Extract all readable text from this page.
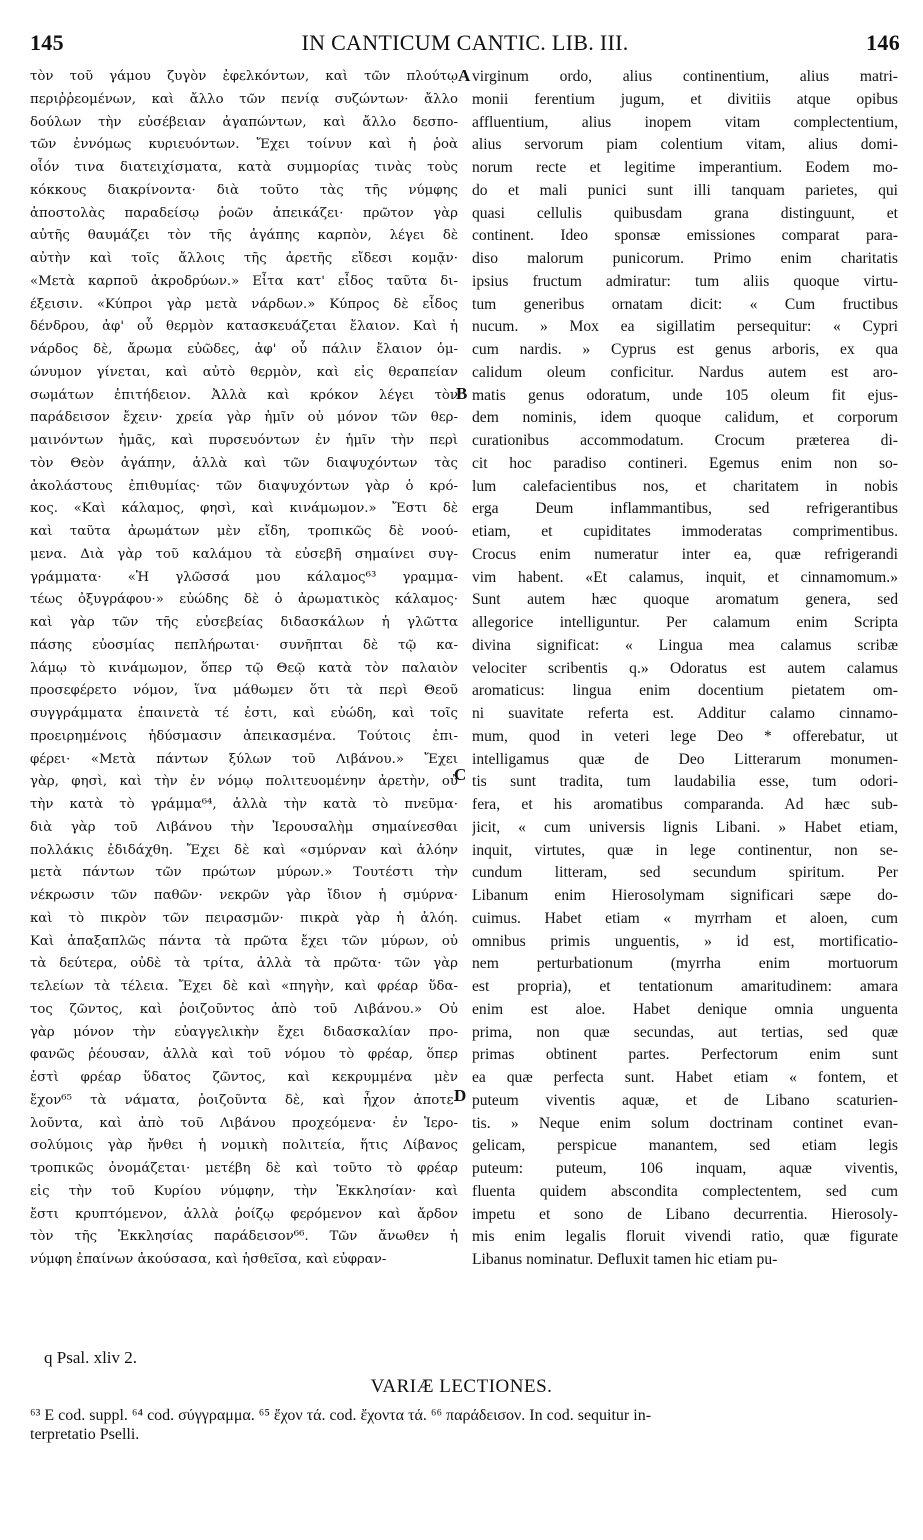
145	IN CANTICUM CANTIC. LIB. III.	146
τὸν τοῦ γάμου ζυγὸν ἐφελκόντων, καὶ τῶν πλούτῳ
περιῤῥεομένων, καὶ ἄλλο τῶν πενίᾳ συζώντων· ἄλλο
δούλων τὴν εὐσέβειαν ἀγαπώντων, καὶ ἄλλο δεσπο-
τῶν ἐννόμως κυριευόντων. Ἔχει τοίνυν καὶ ἡ ῥοὰ
οἷόν τινα διατειχίσματα, κατὰ συμμορίας τινὰς τοὺς
κόκκους διακρίνοντα· διὰ τοῦτο τὰς τῆς νύμφης
ἀποστολὰς παραδείσῳ ῥοῶν ἀπεικάζει· πρῶτον γὰρ
αὐτῆς θαυμάζει τὸν τῆς ἀγάπης καρπὸν, λέγει δὲ
αὐτὴν καὶ τοῖς ἄλλοις τῆς ἀρετῆς εἴδεσι κομᾷν·
«Μετὰ καρποῦ ἀκροδρύων.» Εἶτα κατ' εἶδος ταῦτα δι-
έξεισιν. «Κύπροι γὰρ μετὰ νάρδων.» Κύπρος δὲ εἶδος
δένδρου, ἀφ' οὗ θερμὸν κατασκευάζεται ἔλαιον. Καὶ ἡ
νάρδος δὲ, ἄρωμα εὐῶδες, ἀφ' οὗ πάλιν ἔλαιον ὁμ-
ώνυμον γίνεται, καὶ αὐτὸ θερμὸν, καὶ εἰς θεραπείαν
σωμάτων ἐπιτήδειον. Ἀλλὰ καὶ κρόκον λέγει τὸν
παράδεισον ἔχειν· χρεία γὰρ ἡμῖν οὐ μόνον τῶν θερ-
μαινόντων ἡμᾶς, καὶ πυρσευόντων ἐν ἡμῖν τὴν περὶ
τὸν Θεὸν ἀγάπην, ἀλλὰ καὶ τῶν διαψυχόντων τὰς
ἀκολάστους ἐπιθυμίας· τῶν διαψυχόντων γὰρ ὁ κρό-
κος. «Καὶ κάλαμος, φησὶ, καὶ κινάμωμον.» Ἔστι δὲ
καὶ ταῦτα ἀρωμάτων μὲν εἴδη, τροπικῶς δὲ νοού-
μενα. Διὰ γὰρ τοῦ καλάμου τὰ εὐσεβῆ σημαίνει συγ-
γράμματα· «Ἡ γλῶσσά μου κάλαμος⁶³ γραμμα-
τέως ὀξυγράφου·» εὐώδης δὲ ὁ ἀρωματικὸς κάλαμος·
καὶ γὰρ τῶν τῆς εὐσεβείας διδασκάλων ἡ γλῶττα
πάσης εὐοσμίας πεπλήρωται· συνῆπται δὲ τῷ κα-
λάμῳ τὸ κινάμωμον, ὅπερ τῷ Θεῷ κατὰ τὸν παλαιὸν
προσεφέρετο νόμον, ἵνα μάθωμεν ὅτι τὰ περὶ Θεοῦ
συγγράμματα ἐπαινετὰ τέ ἐστι, καὶ εὐώδη, καὶ τοῖς
προειρημένοις ἡδύσμασιν ἀπεικασμένα. Τούτοις ἐπι-
φέρει· «Μετὰ πάντων ξύλων τοῦ Λιβάνου.» Ἔχει
γὰρ, φησὶ, καὶ τὴν ἐν νόμῳ πολιτευομένην ἀρετὴν, οὐ
τὴν κατὰ τὸ γράμμα⁶⁴, ἀλλὰ τὴν κατὰ τὸ πνεῦμα·
διὰ γὰρ τοῦ Λιβάνου τὴν Ἱερουσαλὴμ σημαίνεσθαι
πολλάκις ἐδιδάχθη. Ἔχει δὲ καὶ «σμύρναν καὶ ἀλόην
μετὰ πάντων τῶν πρώτων μύρων.» Τουτέστι τὴν
νέκρωσιν τῶν παθῶν· νεκρῶν γὰρ ἴδιον ἡ σμύρνα·
καὶ τὸ πικρὸν τῶν πειρασμῶν· πικρὰ γὰρ ἡ ἀλόη.
Καὶ ἁπαξαπλῶς πάντα τὰ πρῶτα ἔχει τῶν μύρων, οὐ
τὰ δεύτερα, οὐδὲ τὰ τρίτα, ἀλλὰ τὰ πρῶτα· τῶν γὰρ
τελείων τὰ τέλεια. Ἔχει δὲ καὶ «πηγὴν, καὶ φρέαρ ὕδα-
τος ζῶντος, καὶ ῥοιζοῦντος ἀπὸ τοῦ Λιβάνου.» Οὐ
γὰρ μόνον τὴν εὐαγγελικὴν ἔχει διδασκαλίαν προ-
φανῶς ῥέουσαν, ἀλλὰ καὶ τοῦ νόμου τὸ φρέαρ, ὅπερ
ἐστὶ φρέαρ ὕδατος ζῶντος, καὶ κεκρυμμένα μὲν
ἔχον⁶⁵ τὰ νάματα, ῥοιζοῦντα δὲ, καὶ ἦχον ἀποτε-
λοῦντα, καὶ ἀπὸ τοῦ Λιβάνου προχεόμενα· ἐν Ἱερο-
σολύμοις γὰρ ἤνθει ἡ νομικὴ πολιτεία, ἥτις Λίβανος
τροπικῶς ὀνομάζεται· μετέβη δὲ καὶ τοῦτο τὸ φρέαρ
εἰς τὴν τοῦ Κυρίου νύμφην, τὴν Ἐκκλησίαν· καὶ
ἔστι κρυπτόμενον, ἀλλὰ ῥοίζῳ φερόμενον καὶ ἄρδον
τὸν τῆς Ἐκκλησίας παράδεισον⁶⁶. Τῶν ἄνωθεν ἡ
νύμφη ἐπαίνων ἀκούσασα, καὶ ἡσθεῖσα, καὶ εὐφραν-
virginum ordo, alius continentium, alius matri-
monii ferentium jugum, et divitiis atque opibus
affluentium, alius inopem vitam complectentium,
alius servorum piam colentium vitam, alius domi-
norum recte et legitime imperantium. Eodem mo-
do et mali punici sunt illi tanquam parietes, qui
quasi cellulis quibusdam grana distinguunt, et
continent. Ideo sponsæ emissiones comparat para-
diso malorum punicorum. Primo enim charitatis
ipsius fructum admiratur: tum aliis quoque virtu-
tum generibus ornatam dicit: « Cum fructibus
nucum. » Mox ea sigillatim persequitur: « Cypri
cum nardis. » Cyprus est genus arboris, ex qua
calidum oleum conficitur. Nardus autem est aro-
matis genus odoratum, unde 105 oleum fit ejus-
dem nominis, idem quoque calidum, et corporum
curationibus accommodatum. Crocum præterea di-
cit hoc paradiso contineri. Egemus enim non so-
lum calefacientibus nos, et charitatem in nobis
erga Deum inflammantibus, sed refrigerantibus
etiam, et cupiditates immoderatas comprimentibus.
Crocus enim numeratur inter ea, quæ refrigerandi
vim habent. «Et calamus, inquit, et cinnamomum.»
Sunt autem hæc quoque aromatum genera, sed
allegorice intelliguntur. Per calamum enim Scripta
divina significat: « Lingua mea calamus scribæ
velociter scribentis q.» Odoratus est autem calamus
aromaticus: lingua enim docentium pietatem om-
ni suavitate referta est. Additur calamo cinnamo-
mum, quod in veteri lege Deo * offerebatur, ut
intelligamus quæ de Deo Litterarum monumen-
tis sunt tradita, tum laudabilia esse, tum odori-
fera, et his aromatibus comparanda. Ad hæc sub-
jicit, « cum universis lignis Libani. » Habet etiam,
inquit, virtutes, quæ in lege continentur, non se-
cundum litteram, sed secundum spiritum. Per
Libanum enim Hierosolymam significari sæpe do-
cuimus. Habet etiam « myrrham et aloen, cum
omnibus primis unguentis, » id est, mortificatio-
nem perturbationum (myrrha enim mortuorum
est propria), et tentationum amaritudinem: amara
enim est aloe. Habet denique omnia unguenta
prima, non quæ secundas, aut tertias, sed quæ
primas obtinent partes. Perfectorum enim sunt
ea quæ perfecta sunt. Habet etiam « fontem, et
puteum viventis aquæ, et de Libano scaturien-
tis. » Neque enim solum doctrinam continet evan-
gelicam, perspicue manantem, sed etiam legis
puteum: puteum, 106 inquam, aquæ viventis,
fluenta quidem abscondita complectentem, sed cum
impetu et sono de Libano decurrentia. Hierosoly-
mis enim legalis floruit vivendi ratio, quæ figurate
Libanus nominatur. Defluxit tamen hic etiam pu-
A
B
C
D
q Psal. xliv 2.
VARIÆ LECTIONES.
⁶³ E cod. suppl. ⁶⁴ cod. σύγγραμμα. ⁶⁵ ἔχον τά. cod. ἔχοντα τά. ⁶⁶ παράδεισον. In cod. sequitur in-
terpretatio Pselli.
